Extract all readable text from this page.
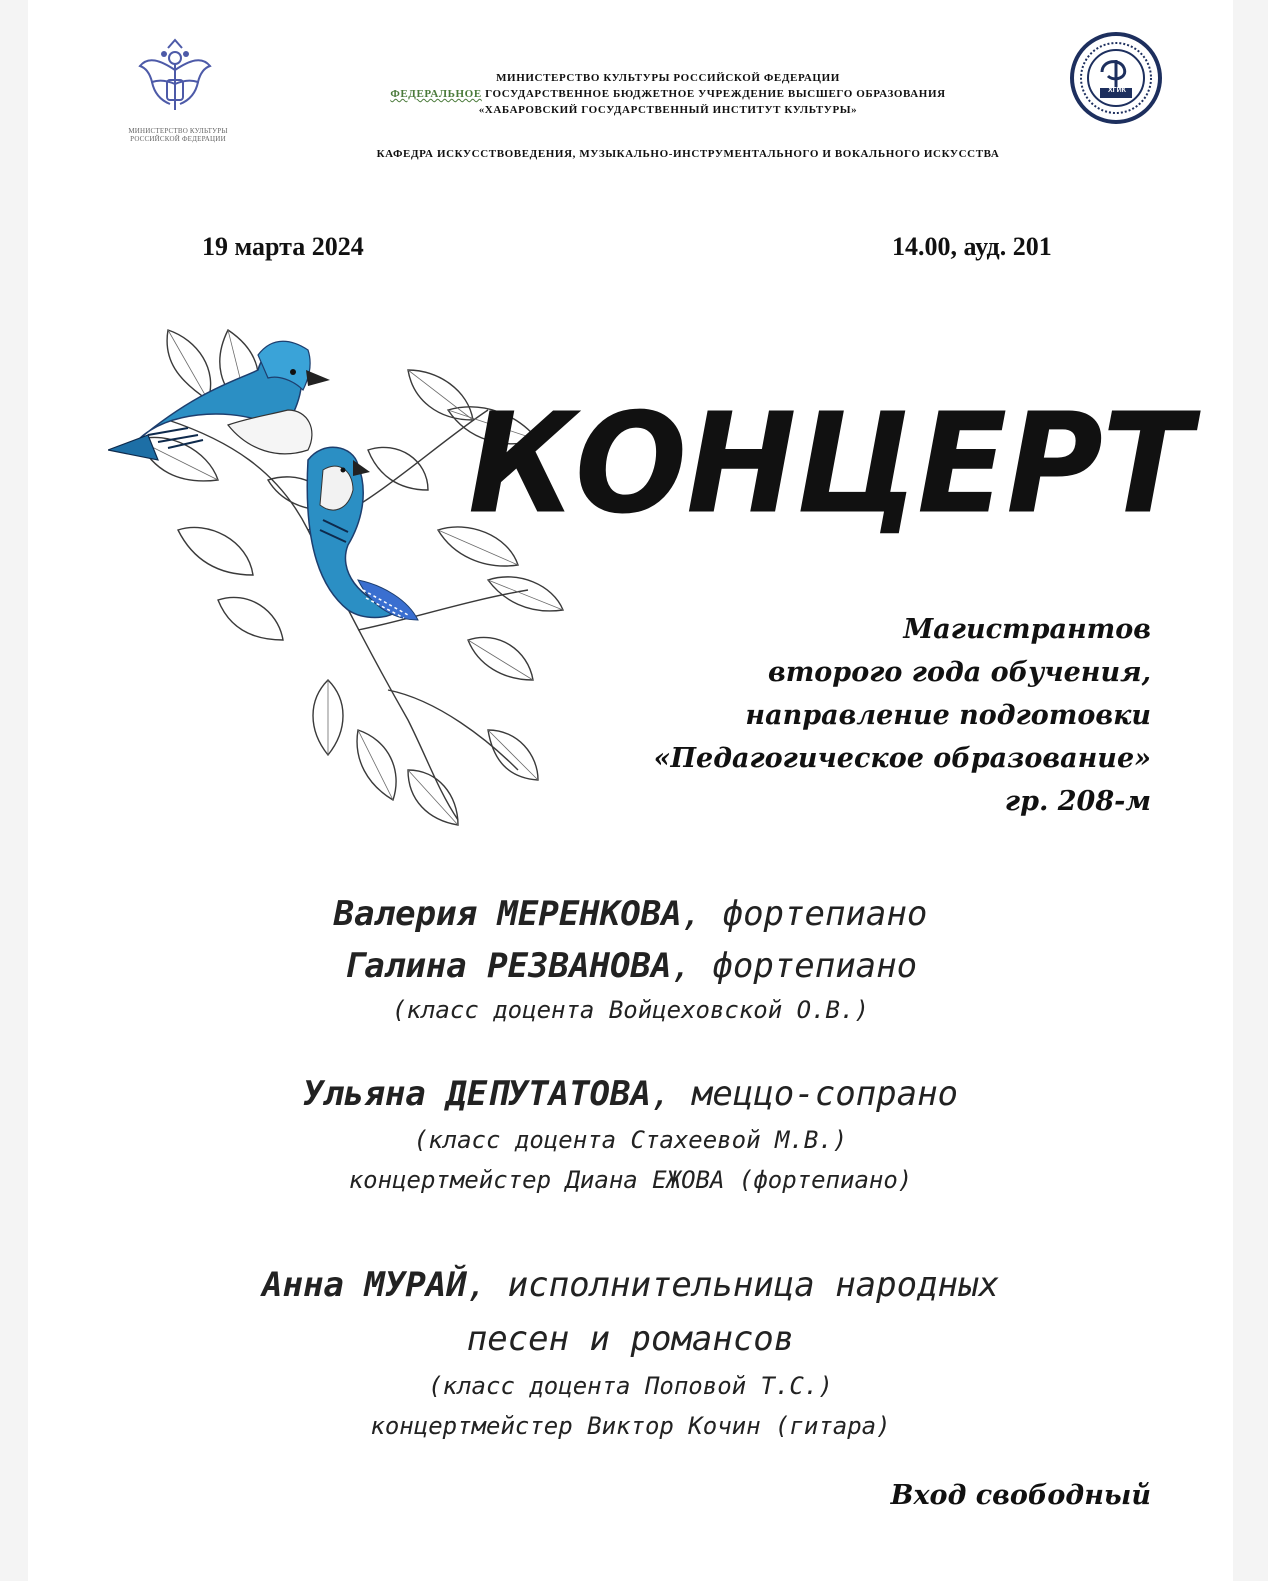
МИНИСТЕРСТВО КУЛЬТУРЫ РОССИЙСКОЙ ФЕДЕРАЦИИ
МИНИСТЕРСТВО КУЛЬТУРЫ РОССИЙСКОЙ ФЕДЕРАЦИИ
ФЕДЕРАЛЬНОЕ ГОСУДАРСТВЕННОЕ БЮДЖЕТНОЕ УЧРЕЖДЕНИЕ ВЫСШЕГО ОБРАЗОВАНИЯ
«ХАБАРОВСКИЙ ГОСУДАРСТВЕННЫЙ ИНСТИТУТ КУЛЬТУРЫ»
КАФЕДРА ИСКУССТВОВЕДЕНИЯ, МУЗЫКАЛЬНО-ИНСТРУМЕНТАЛЬНОГО И ВОКАЛЬНОГО ИСКУССТВА
ХГИК
19 марта 2024	14.00, ауд. 201
КОНЦЕРТ
Магистрантов
второго года обучения,
направление подготовки
«Педагогическое образование»
гр. 208-м
Валерия МЕРЕНКОВА, фортепиано
Галина РЕЗВАНОВА, фортепиано
(класс доцента Войцеховской О.В.)
Ульяна ДЕПУТАТОВА, меццо-сопрано
(класс доцента Стахеевой М.В.)
концертмейстер Диана ЕЖОВА (фортепиано)
Анна МУРАЙ, исполнительница народных
песен и романсов
(класс доцента Поповой Т.С.)
концертмейстер Виктор Кочин (гитара)
Вход свободный
